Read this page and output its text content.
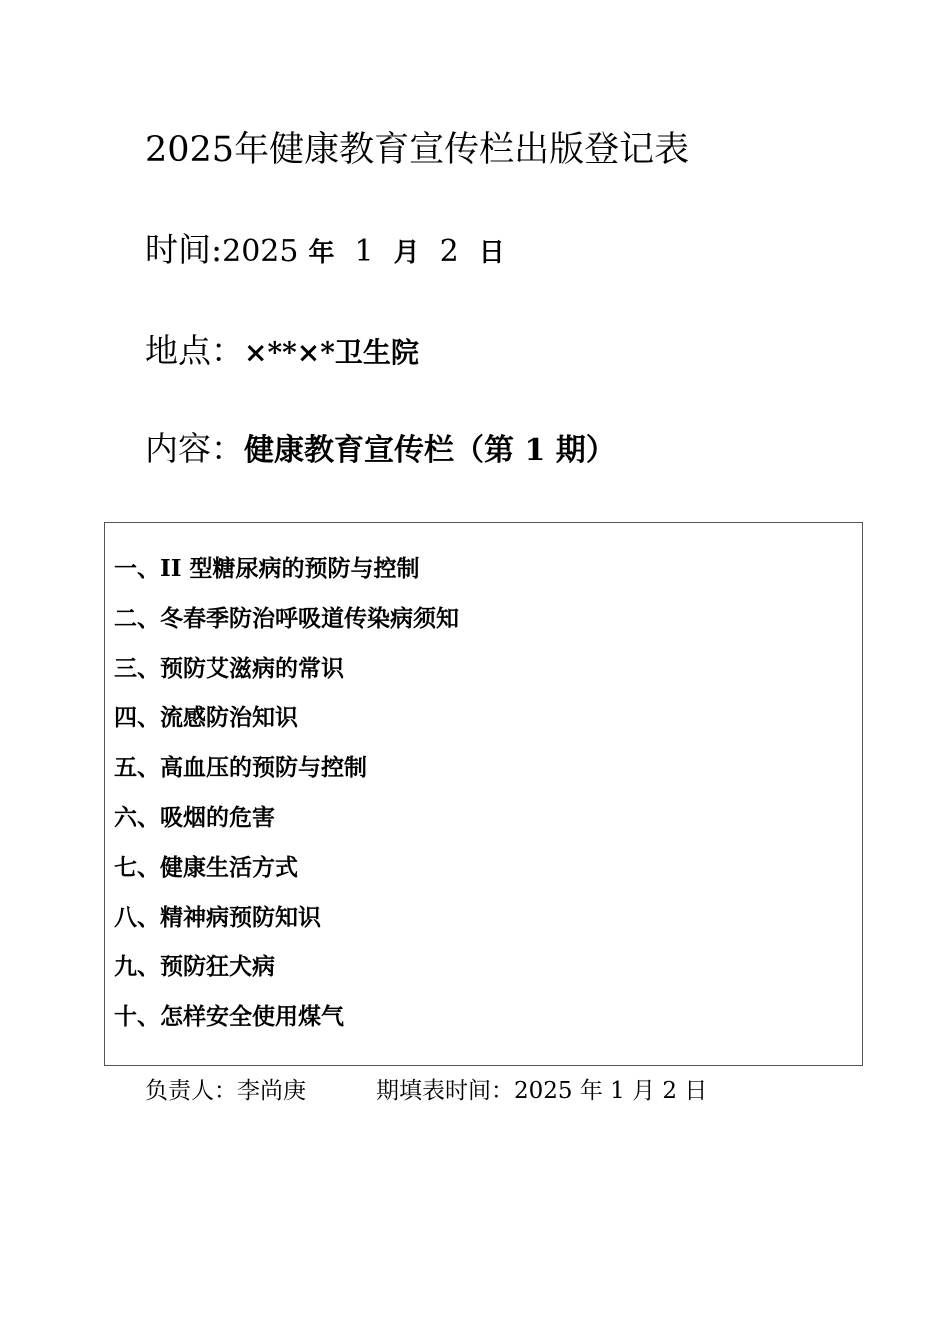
2025年健康教育宣传栏出版登记表
时间:2025 年 1 月 2 日
地点：×**×*卫生院
内容：健康教育宣传栏（第 1 期）
一、II 型糖尿病的预防与控制
二、冬春季防治呼吸道传染病须知
三、预防艾滋病的常识
四、流感防治知识
五、高血压的预防与控制
六、吸烟的危害
七、健康生活方式
八、精神病预防知识
九、预防狂犬病
十、怎样安全使用煤气
负责人：李尚庚	期填表时间：2025 年 1 月 2 日
